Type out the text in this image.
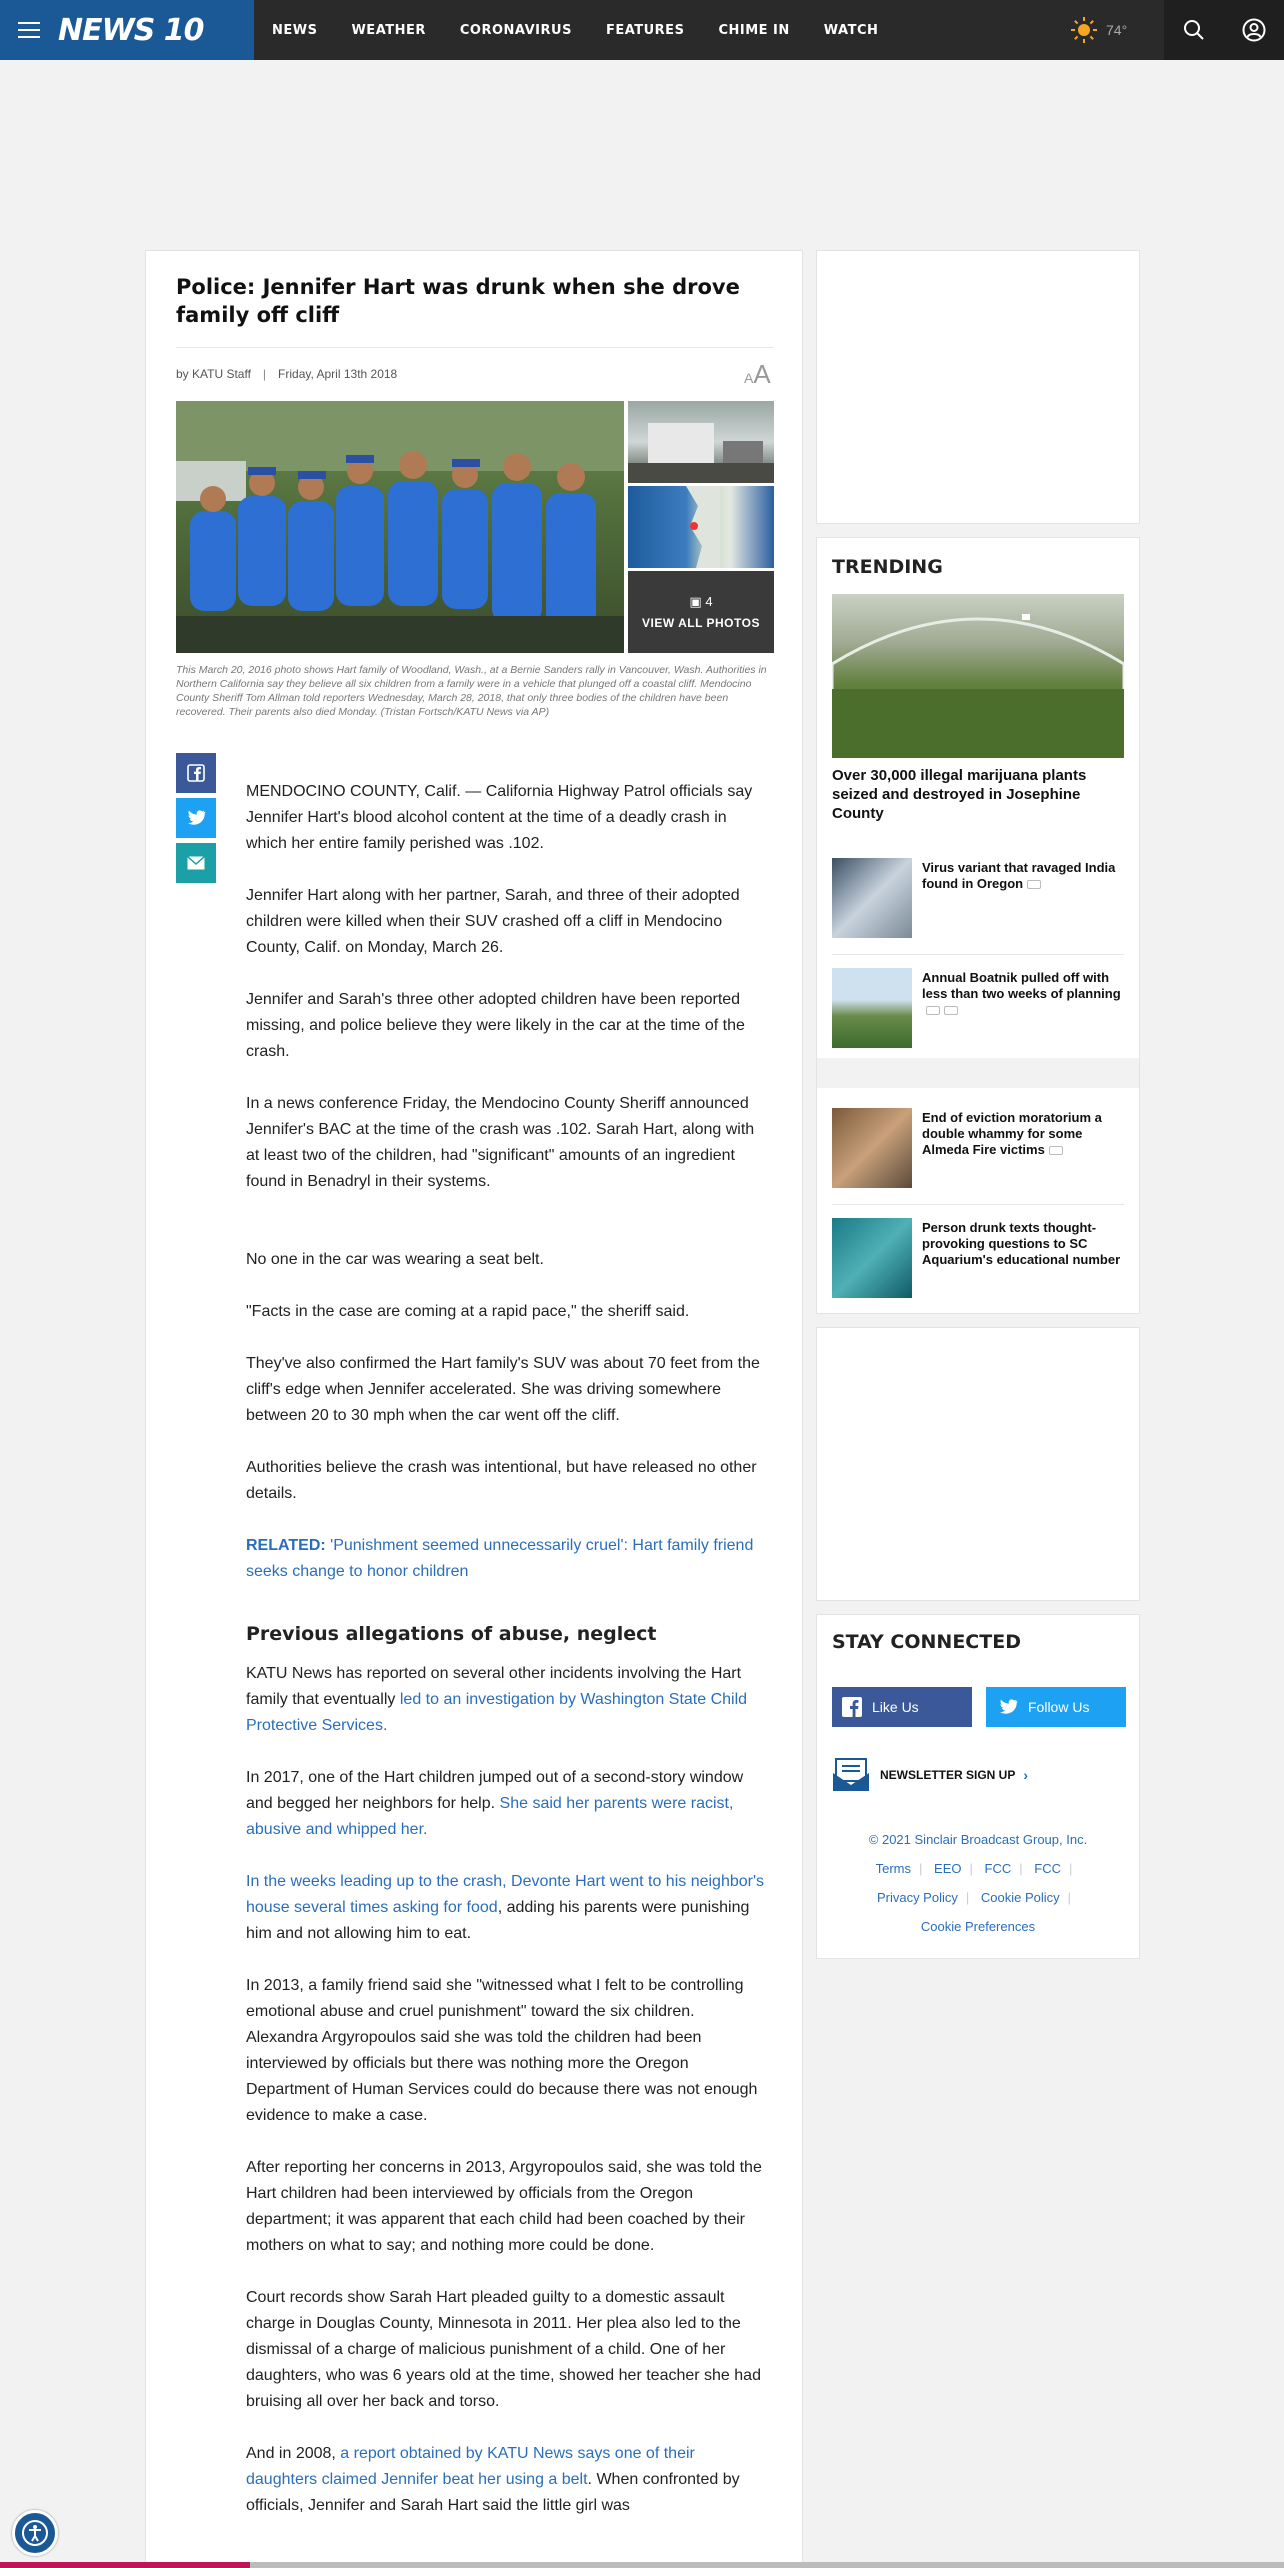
NEWS 10	NEWS	WEATHER	CORONAVIRUS	FEATURES	CHIME IN	WATCH	74°
Police: Jennifer Hart was drunk when she drove family off cliff
by KATU Staff | Friday, April 13th 2018	AA
▣ 4
VIEW ALL PHOTOS
This March 20, 2016 photo shows Hart family of Woodland, Wash., at a Bernie Sanders rally in Vancouver, Wash. Authorities in Northern California say they believe all six children from a family were in a vehicle that plunged off a coastal cliff. Mendocino County Sheriff Tom Allman told reporters Wednesday, March 28, 2018, that only three bodies of the children have been recovered. Their parents also died Monday. (Tristan Fortsch/KATU News via AP)

MENDOCINO COUNTY, Calif. — California Highway Patrol officials say Jennifer Hart's blood alcohol content at the time of a deadly crash in which her entire family perished was .102.

Jennifer Hart along with her partner, Sarah, and three of their adopted children were killed when their SUV crashed off a cliff in Mendocino County, Calif. on Monday, March 26.

Jennifer and Sarah's three other adopted children have been reported missing, and police believe they were likely in the car at the time of the crash.

In a news conference Friday, the Mendocino County Sheriff announced Jennifer's BAC at the time of the crash was .102. Sarah Hart, along with at least two of the children, had "significant" amounts of an ingredient found in Benadryl in their systems.

No one in the car was wearing a seat belt.

"Facts in the case are coming at a rapid pace," the sheriff said.

They've also confirmed the Hart family's SUV was about 70 feet from the cliff's edge when Jennifer accelerated. She was driving somewhere between 20 to 30 mph when the car went off the cliff.

Authorities believe the crash was intentional, but have released no other details.

RELATED: 'Punishment seemed unnecessarily cruel': Hart family friend seeks change to honor children

Previous allegations of abuse, neglect

KATU News has reported on several other incidents involving the Hart family that eventually led to an investigation by Washington State Child Protective Services.

In 2017, one of the Hart children jumped out of a second-story window and begged her neighbors for help. She said her parents were racist, abusive and whipped her.

In the weeks leading up to the crash, Devonte Hart went to his neighbor's house several times asking for food, adding his parents were punishing him and not allowing him to eat.

In 2013, a family friend said she "witnessed what I felt to be controlling emotional abuse and cruel punishment" toward the six children. Alexandra Argyropoulos said she was told the children had been interviewed by officials but there was nothing more the Oregon Department of Human Services could do because there was not enough evidence to make a case.

After reporting her concerns in 2013, Argyropoulos said, she was told the Hart children had been interviewed by officials from the Oregon department; it was apparent that each child had been coached by their mothers on what to say; and nothing more could be done.

Court records show Sarah Hart pleaded guilty to a domestic assault charge in Douglas County, Minnesota in 2011. Her plea also led to the dismissal of a charge of malicious punishment of a child. One of her daughters, who was 6 years old at the time, showed her teacher she had bruising all over her back and torso.

And in 2008, a report obtained by KATU News says one of their daughters claimed Jennifer beat her using a belt. When confronted by officials, Jennifer and Sarah Hart said the little girl was

TRENDING
Over 30,000 illegal marijuana plants seized and destroyed in Josephine County
Virus variant that ravaged India found in Oregon
Annual Boatnik pulled off with less than two weeks of planning

End of eviction moratorium a double whammy for some Almeda Fire victims
Person drunk texts thought-provoking questions to SC Aquarium's educational number
STAY CONNECTED
Like Us	Follow Us
NEWSLETTER SIGN UP ›
© 2021 Sinclair Broadcast Group, Inc.
Terms | EEO | FCC | FCC |
Privacy Policy | Cookie Policy |
Cookie Preferences
